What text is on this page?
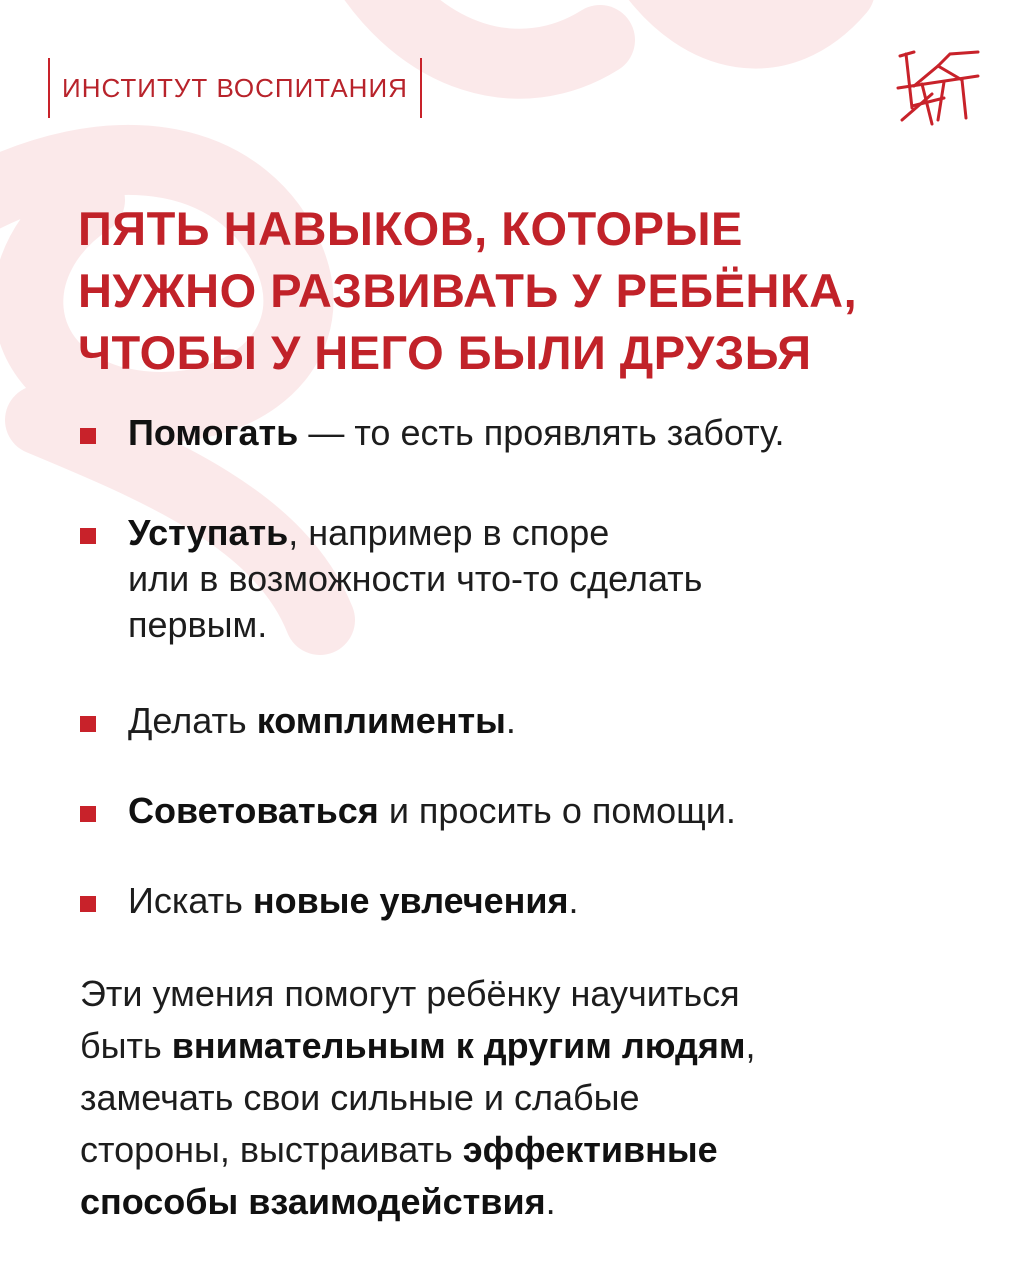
ИНСТИТУТ ВОСПИТАНИЯ
ПЯТЬ НАВЫКОВ, КОТОРЫЕ
НУЖНО РАЗВИВАТЬ У РЕБЁНКА,
ЧТОБЫ У НЕГО БЫЛИ ДРУЗЬЯ
Помогать — то есть проявлять заботу.
Уступать, например в споре
или в возможности что-то сделать
первым.
Делать комплименты.
Советоваться и просить о помощи.
Искать новые увлечения.
Эти умения помогут ребёнку научиться
быть внимательным к другим людям,
замечать свои сильные и слабые
стороны, выстраивать эффективные
способы взаимодействия.
